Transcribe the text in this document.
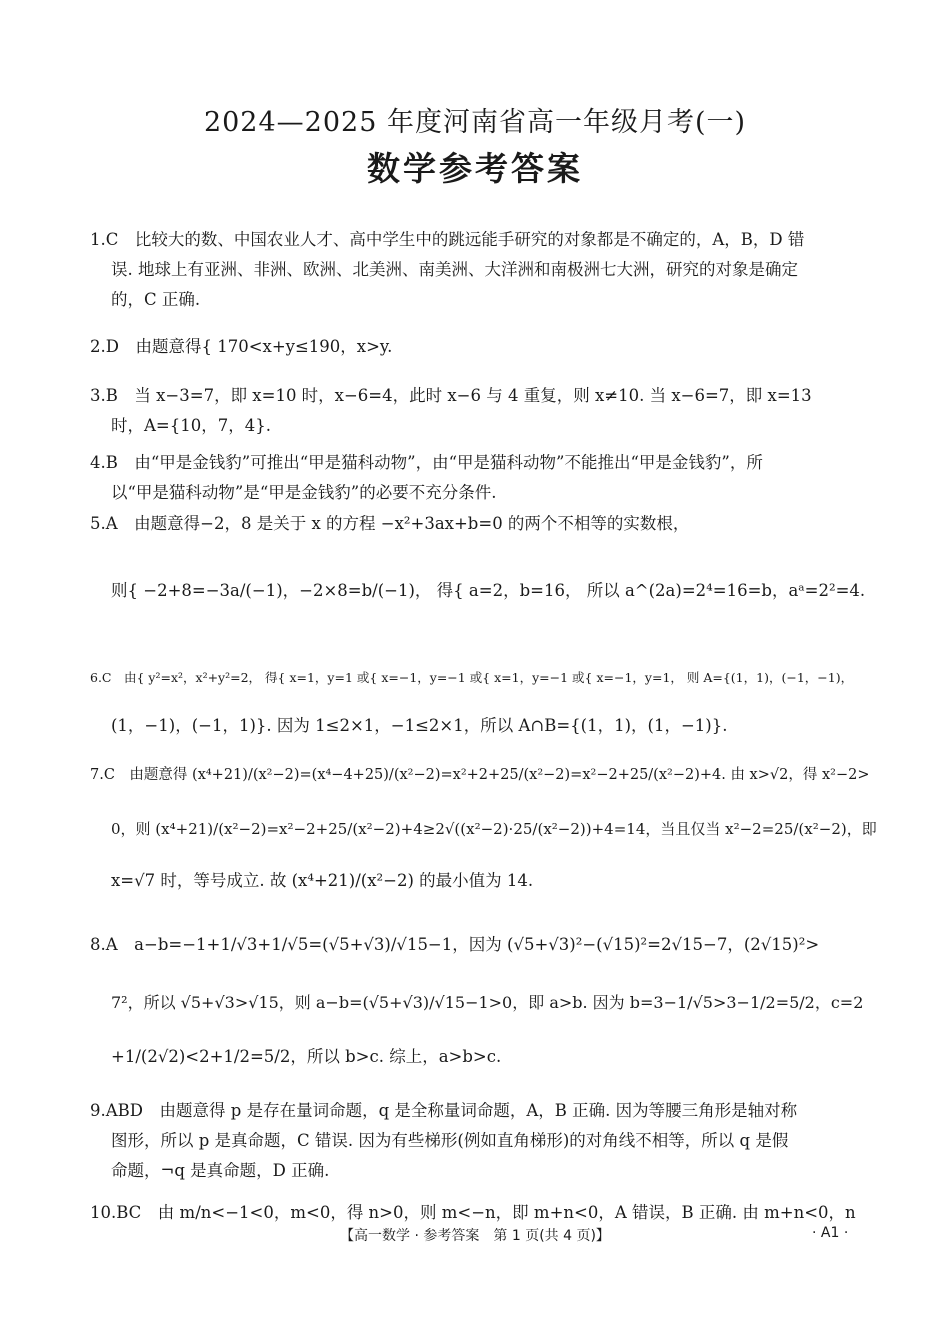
2024—2025 年度河南省高一年级月考(一)
数学参考答案
1.C　比较大的数、中国农业人才、高中学生中的跳远能手研究的对象都是不确定的，A，B，D 错
误. 地球上有亚洲、非洲、欧洲、北美洲、南美洲、大洋洲和南极洲七大洲，研究的对象是确定
的，C 正确.
2.D　由题意得{ 170<x+y≤190，x>y.
3.B　当 x−3=7，即 x=10 时，x−6=4，此时 x−6 与 4 重复，则 x≠10. 当 x−6=7，即 x=13
时，A={10，7，4}.
4.B　由“甲是金钱豹”可推出“甲是猫科动物”，由“甲是猫科动物”不能推出“甲是金钱豹”，所
以“甲是猫科动物”是“甲是金钱豹”的必要不充分条件.
5.A　由题意得−2，8 是关于 x 的方程 −x²+3ax+b=0 的两个不相等的实数根，
则{ −2+8=−3a/(−1)，−2×8=b/(−1)， 得{ a=2，b=16， 所以 a^(2a)=2⁴=16=b，aᵃ=2²=4.
6.C　由{ y²=x²，x²+y²=2， 得{ x=1，y=1 或{ x=−1，y=−1 或{ x=1，y=−1 或{ x=−1，y=1， 则 A={(1，1)，(−1，−1)，
(1，−1)，(−1，1)}. 因为 1≤2×1，−1≤2×1，所以 A∩B={(1，1)，(1，−1)}.
7.C　由题意得 (x⁴+21)/(x²−2)=(x⁴−4+25)/(x²−2)=x²+2+25/(x²−2)=x²−2+25/(x²−2)+4. 由 x>√2，得 x²−2>
0，则 (x⁴+21)/(x²−2)=x²−2+25/(x²−2)+4≥2√((x²−2)·25/(x²−2))+4=14，当且仅当 x²−2=25/(x²−2)，即
x=√7 时，等号成立. 故 (x⁴+21)/(x²−2) 的最小值为 14.
8.A　a−b=−1+1/√3+1/√5=(√5+√3)/√15−1，因为 (√5+√3)²−(√15)²=2√15−7，(2√15)²>
7²，所以 √5+√3>√15，则 a−b=(√5+√3)/√15−1>0，即 a>b. 因为 b=3−1/√5>3−1/2=5/2，c=2
+1/(2√2)<2+1/2=5/2，所以 b>c. 综上，a>b>c.
9.ABD　由题意得 p 是存在量词命题，q 是全称量词命题，A，B 正确. 因为等腰三角形是轴对称
图形，所以 p 是真命题，C 错误. 因为有些梯形(例如直角梯形)的对角线不相等，所以 q 是假
命题，¬q 是真命题，D 正确.
10.BC　由 m/n<−1<0，m<0，得 n>0，则 m<−n，即 m+n<0，A 错误，B 正确. 由 m+n<0，n
【高一数学 · 参考答案　第 1 页(共 4 页)】	· A1 ·
